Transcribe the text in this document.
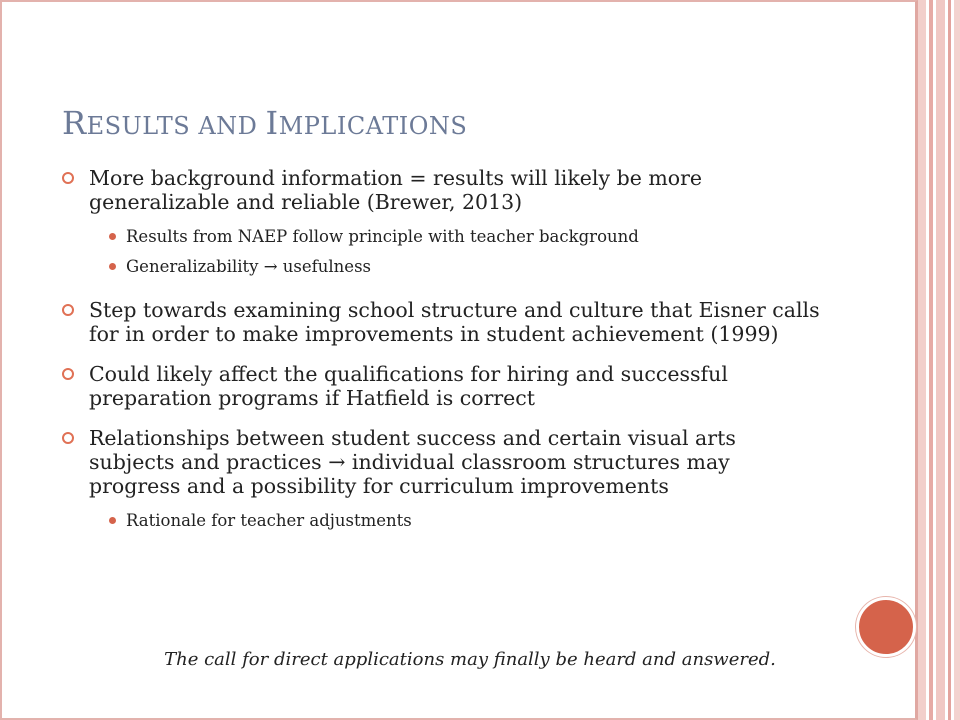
RESULTS AND IMPLICATIONS
More background information = results will likely be more generalizable and reliable (Brewer, 2013)
Results from NAEP follow principle with teacher background
Generalizability → usefulness
Step towards examining school structure and culture that Eisner calls for in order to make improvements in student achievement (1999)
Could likely affect the qualifications for hiring and successful preparation programs if Hatfield is correct
Relationships between student success and certain visual arts subjects and practices → individual classroom structures may progress and a possibility for curriculum improvements
Rationale for teacher adjustments
The call for direct applications may finally be heard and answered.
